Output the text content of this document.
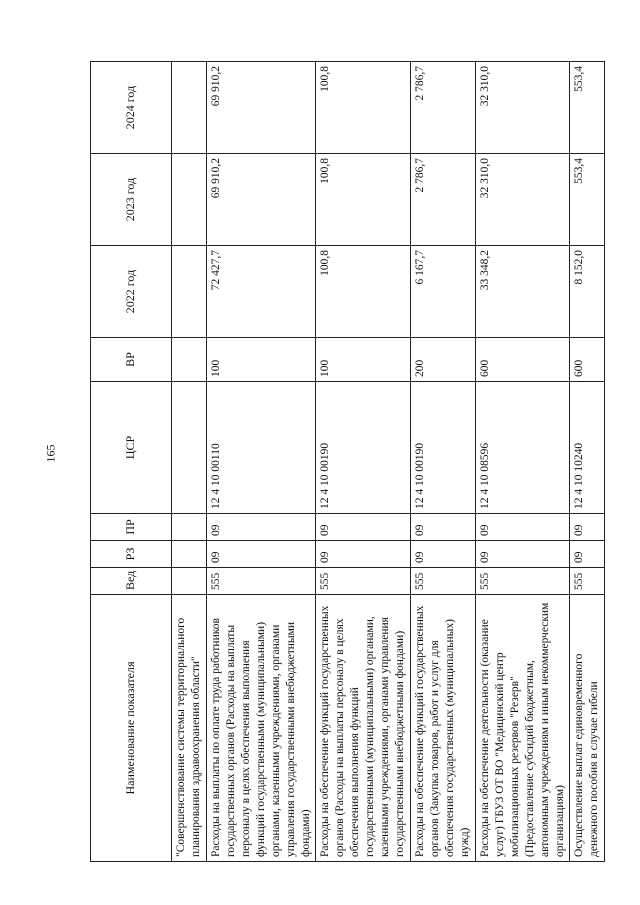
165
Наименование показателя	Вед	РЗ	ПР	ЦСР	ВР	2022 год	2023 год	2024 год
"Совершенствование системы территориального планирования здравоохранения области"								
Расходы на выплаты по оплате труда работников государственных органов (Расходы на выплаты персоналу в целях обеспечения выполнения функций государственными (муниципальными) органами, казенными учреждениями, органами управления государственными внебюджетными фондами)	555	09	09	12 4 10 00110	100	72 427,7	69 910,2	69 910,2
Расходы на обеспечение функций государственных органов (Расходы на выплаты персоналу в целях обеспечения выполнения функций государственными (муниципальными) органами, казенными учреждениями, органами управления государственными внебюджетными фондами)	555	09	09	12 4 10 00190	100	100,8	100,8	100,8
Расходы на обеспечение функций государственных органов (Закупка товаров, работ и услуг для обеспечения государственных (муниципальных) нужд)	555	09	09	12 4 10 00190	200	6 167,7	2 786,7	2 786,7
Расходы на обеспечение деятельности (оказание услуг) ГБУЗ ОТ ВО "Медицинский центр мобилизационных резервов "Резерв" (Предоставление субсидий бюджетным, автономным учреждениям и иным некоммерческим организациям)	555	09	09	12 4 10 08596	600	33 348,2	32 310,0	32 310,0
Осуществление выплат единовременного денежного пособия в случае гибели	555	09	09	12 4 10 10240	600	8 152,0	553,4	553,4
